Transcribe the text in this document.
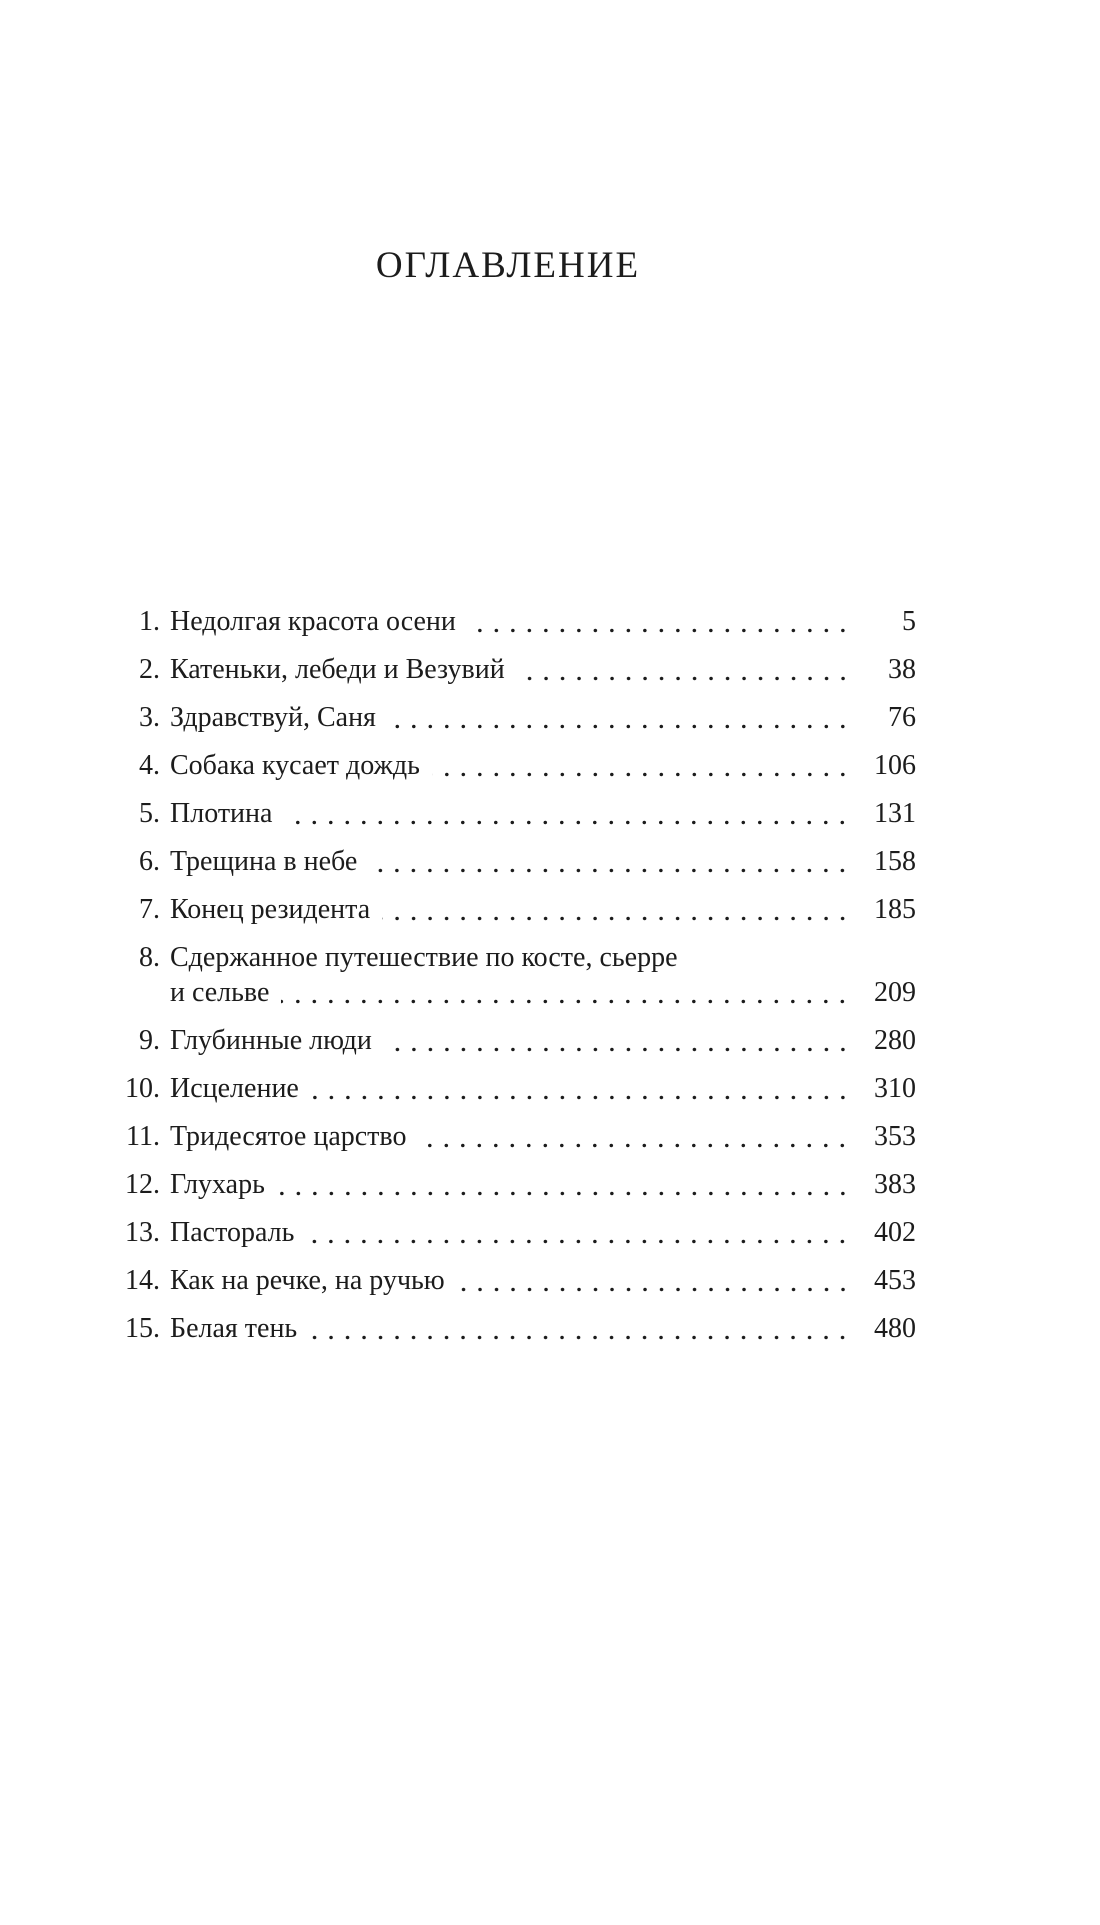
ОГЛАВЛЕНИЕ
1. Недолгая красота осени	5
2. Катеньки, лебеди и Везувий	38
3. Здравствуй, Саня	76
4. Собака кусает дождь	106
5. Плотина	131
6. Трещина в небе	158
7. Конец резидента	185
8. Сдержанное путешествие по косте, сьерре
и сельве	209
9. Глубинные люди	280
10. Исцеление	310
11. Тридесятое царство	353
12. Глухарь	383
13. Пастораль	402
14. Как на речке, на ручью	453
15. Белая тень	480
